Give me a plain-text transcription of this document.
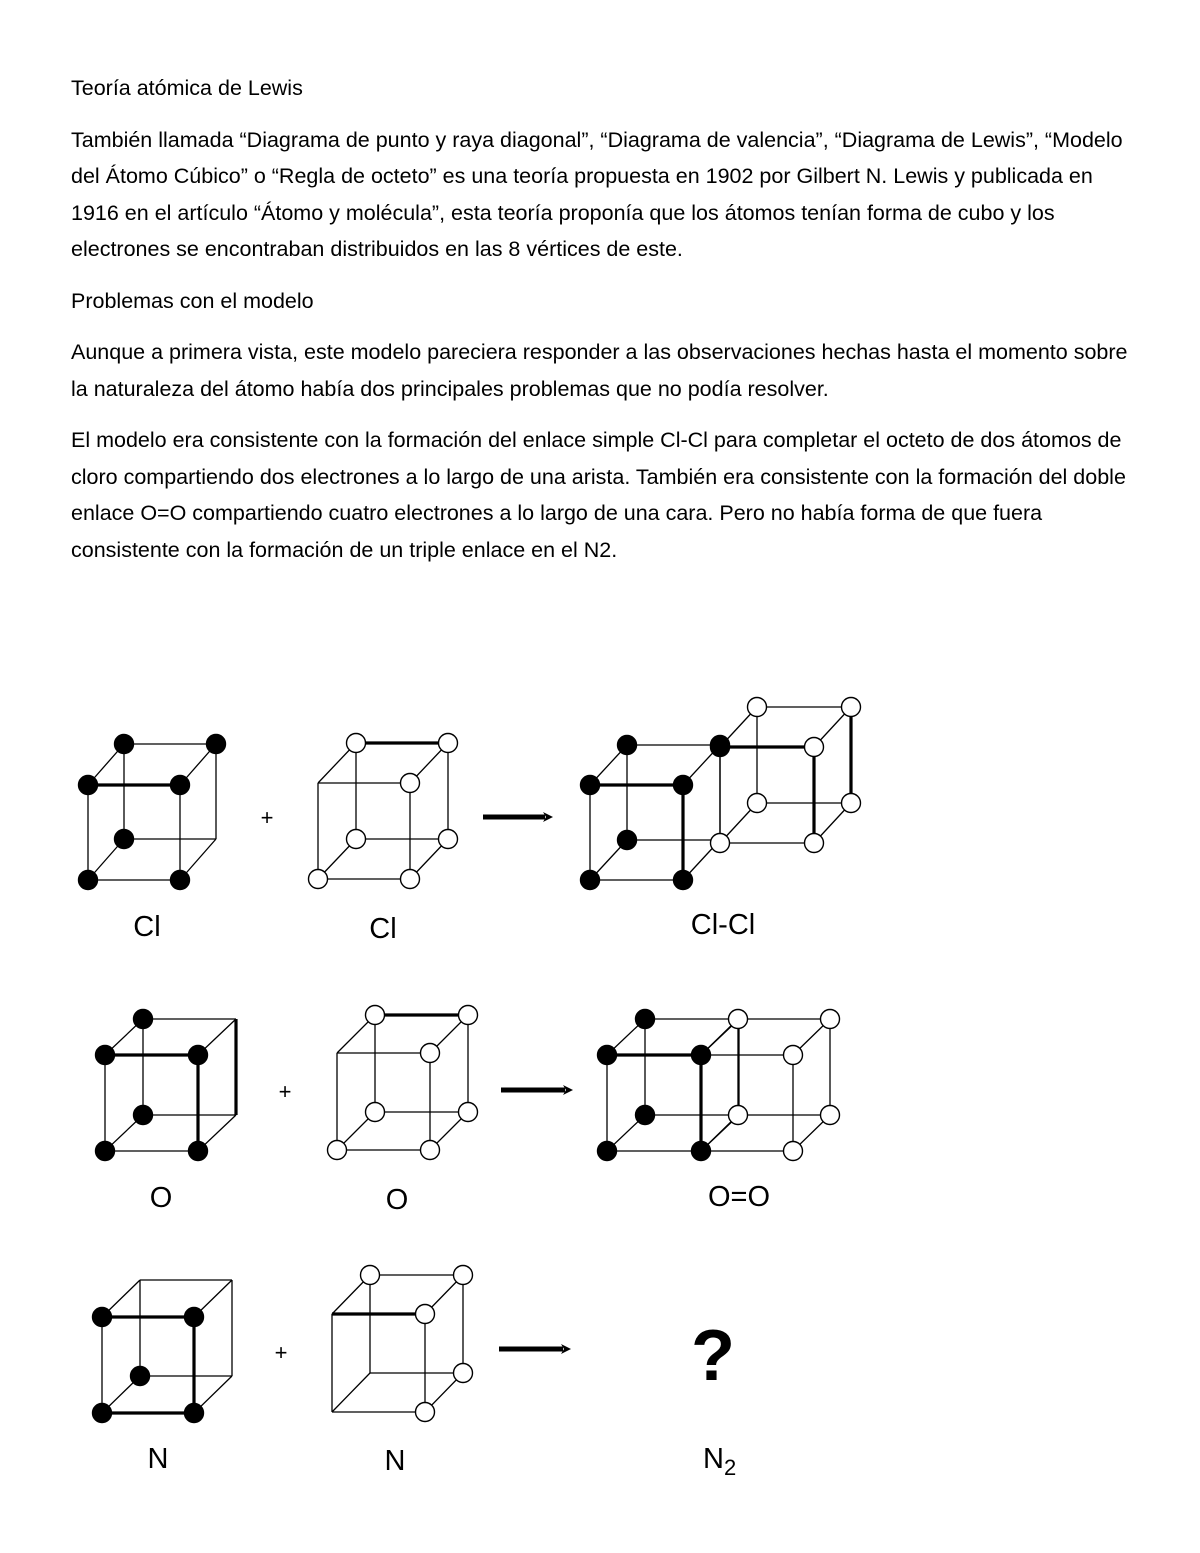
Teoría atómica de Lewis

También llamada “Diagrama de punto y raya diagonal”, “Diagrama de valencia”, “Diagrama de Lewis”, “Modelo del Átomo Cúbico” o “Regla de octeto” es una teoría propuesta en 1902 por Gilbert N. Lewis y publicada en 1916 en el artículo “Átomo y molécula”, esta teoría proponía que los átomos tenían forma de cubo y los electrones se encontraban distribuidos en las 8 vértices de este.

Problemas con el modelo

Aunque a primera vista, este modelo pareciera responder a las observaciones hechas hasta el momento sobre la naturaleza del átomo había dos principales problemas que no podía resolver.

El modelo era consistente con la formación del enlace simple Cl-Cl para completar el octeto de dos átomos de cloro compartiendo dos electrones a lo largo de una arista. También era consistente con la formación del doble enlace O=O compartiendo cuatro electrones a lo largo de una cara. Pero no había forma de que fuera consistente con la formación de un triple enlace en el N2.

+
+
+
Cl	Cl	Cl-Cl
O	O	O=O
N	N	$N_2$
?
